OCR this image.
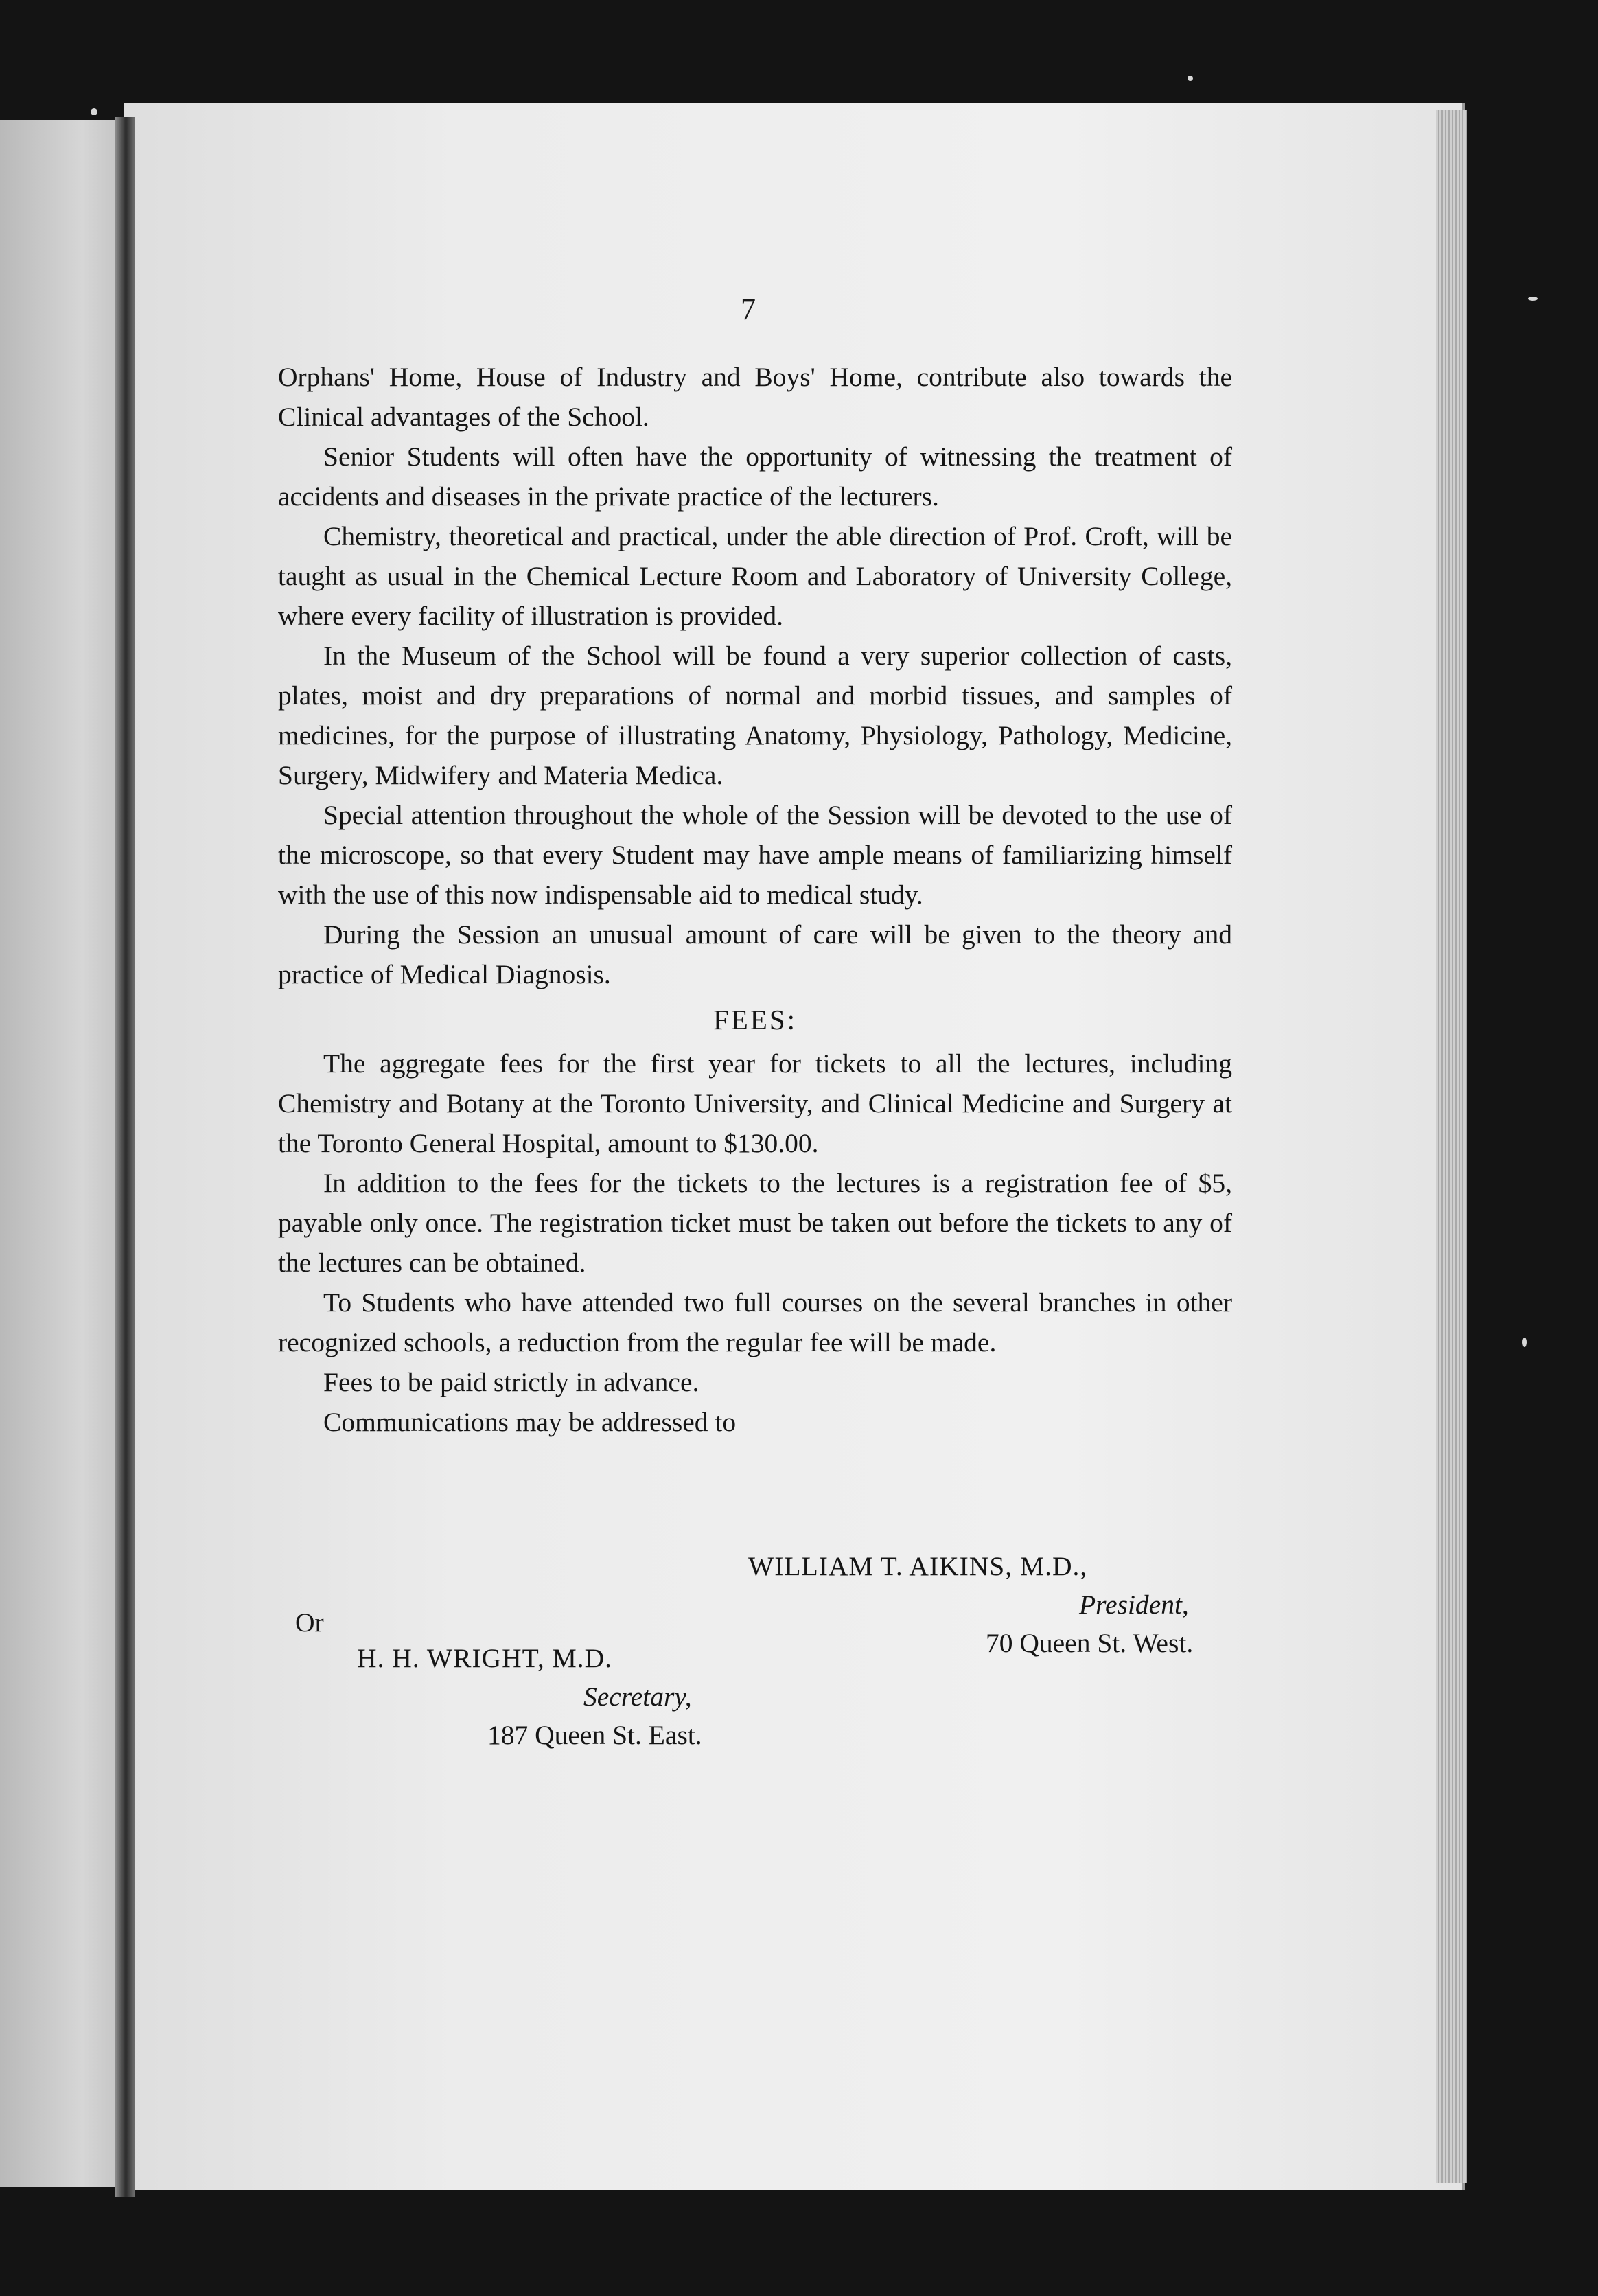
7

Orphans' Home, House of Industry and Boys' Home, contribute also towards the Clinical advantages of the School.

Senior Students will often have the opportunity of witnessing the treatment of accidents and diseases in the private practice of the lecturers.

Chemistry, theoretical and practical, under the able direction of Prof. Croft, will be taught as usual in the Chemical Lecture Room and Laboratory of University College, where every facility of illustration is provided.

In the Museum of the School will be found a very superior collection of casts, plates, moist and dry preparations of normal and morbid tissues, and samples of medicines, for the purpose of illustrating Anatomy, Physiology, Pathology, Medicine, Surgery, Midwifery and Materia Medica.

Special attention throughout the whole of the Session will be devoted to the use of the microscope, so that every Student may have ample means of familiarizing himself with the use of this now indispensable aid to medical study.

During the Session an unusual amount of care will be given to the theory and practice of Medical Diagnosis.

FEES:

The aggregate fees for the first year for tickets to all the lectures, including Chemistry and Botany at the Toronto University, and Clinical Medicine and Surgery at the Toronto General Hospital, amount to $130.00.

In addition to the fees for the tickets to the lectures is a registration fee of $5, payable only once. The registration ticket must be taken out before the tickets to any of the lectures can be obtained.

To Students who have attended two full courses on the several branches in other recognized schools, a reduction from the regular fee will be made.

Fees to be paid strictly in advance.

Communications may be addressed to

WILLIAM T. AIKINS, M.D.,
President,
70 Queen St. West.
Or
H. H. WRIGHT, M.D.
Secretary,
187 Queen St. East.
